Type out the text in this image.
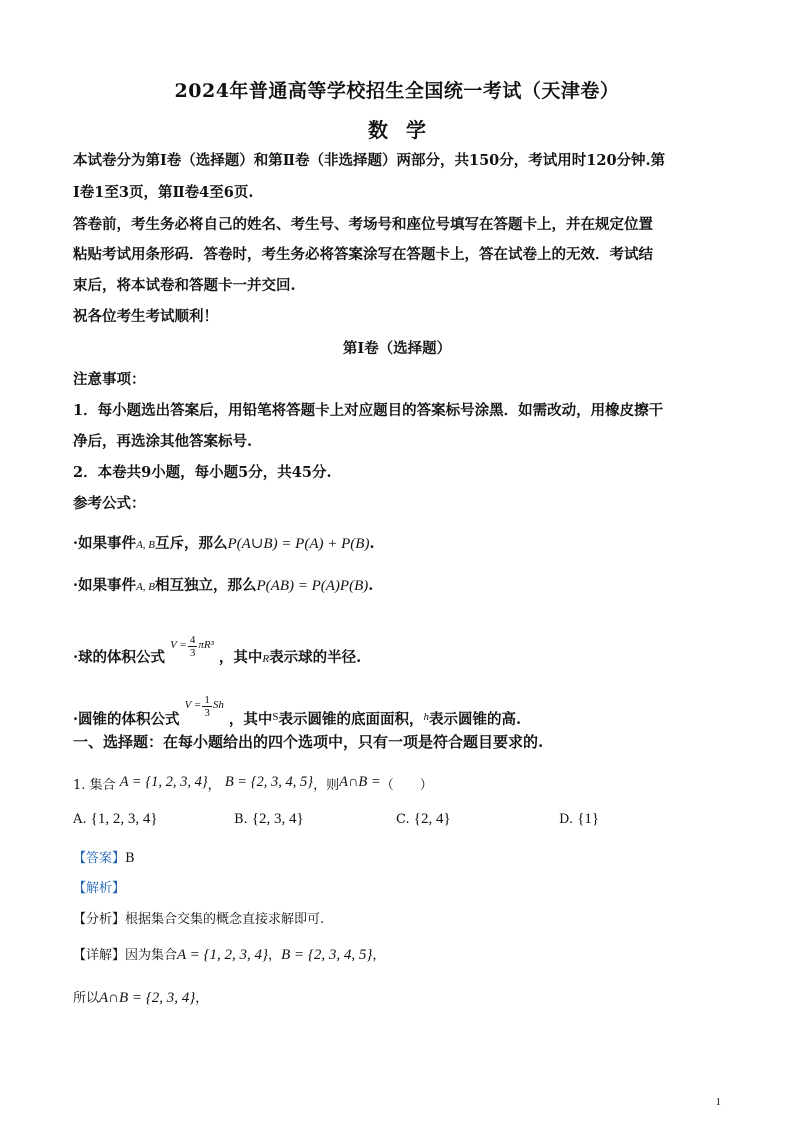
2024年普通高等学校招生全国统一考试（天津卷）
数学
本试卷分为第Ⅰ卷（选择题）和第Ⅱ卷（非选择题）两部分，共150分，考试用时120分钟.第
Ⅰ卷1至3页，第Ⅱ卷4至6页.
答卷前，考生务必将自己的姓名、考生号、考场号和座位号填写在答题卡上，并在规定位置
粘贴考试用条形码．答卷时，考生务必将答案涂写在答题卡上，答在试卷上的无效．考试结
束后，将本试卷和答题卡一并交回.
祝各位考生考试顺利！
第Ⅰ卷（选择题）
注意事项：
1．每小题选出答案后，用铅笔将答题卡上对应题目的答案标号涂黑．如需改动，用橡皮擦干
净后，再选涂其他答案标号.
2．本卷共9小题，每小题5分，共45分.
参考公式：
·如果事件A, B互斥，那么P(A∪B) = P(A) + P(B).
·如果事件A, B相互独立，那么P(AB) = P(A)P(B).
·球的体积公式 $^{V =} \frac{4}{3} ^{\pi R^3}$ ，其中R表示球的半径.
·圆锥的体积公式 $^{V =} \frac{1}{3} ^{Sh}$ ，其中$^S$表示圆锥的底面面积，$^h$表示圆锥的高.
一、选择题：在每小题给出的四个选项中，只有一项是符合题目要求的.
1. 集合 A = {1, 2, 3, 4}， B = {2, 3, 4, 5}，则A∩B =（　　）
A. {1, 2, 3, 4}	B. {2, 3, 4}	C. {2, 4}	D. {1}
【答案】B
【解析】
【分析】根据集合交集的概念直接求解即可.
【详解】因为集合A = {1, 2, 3, 4}，B = {2, 3, 4, 5}，
所以A∩B = {2, 3, 4}，
1
